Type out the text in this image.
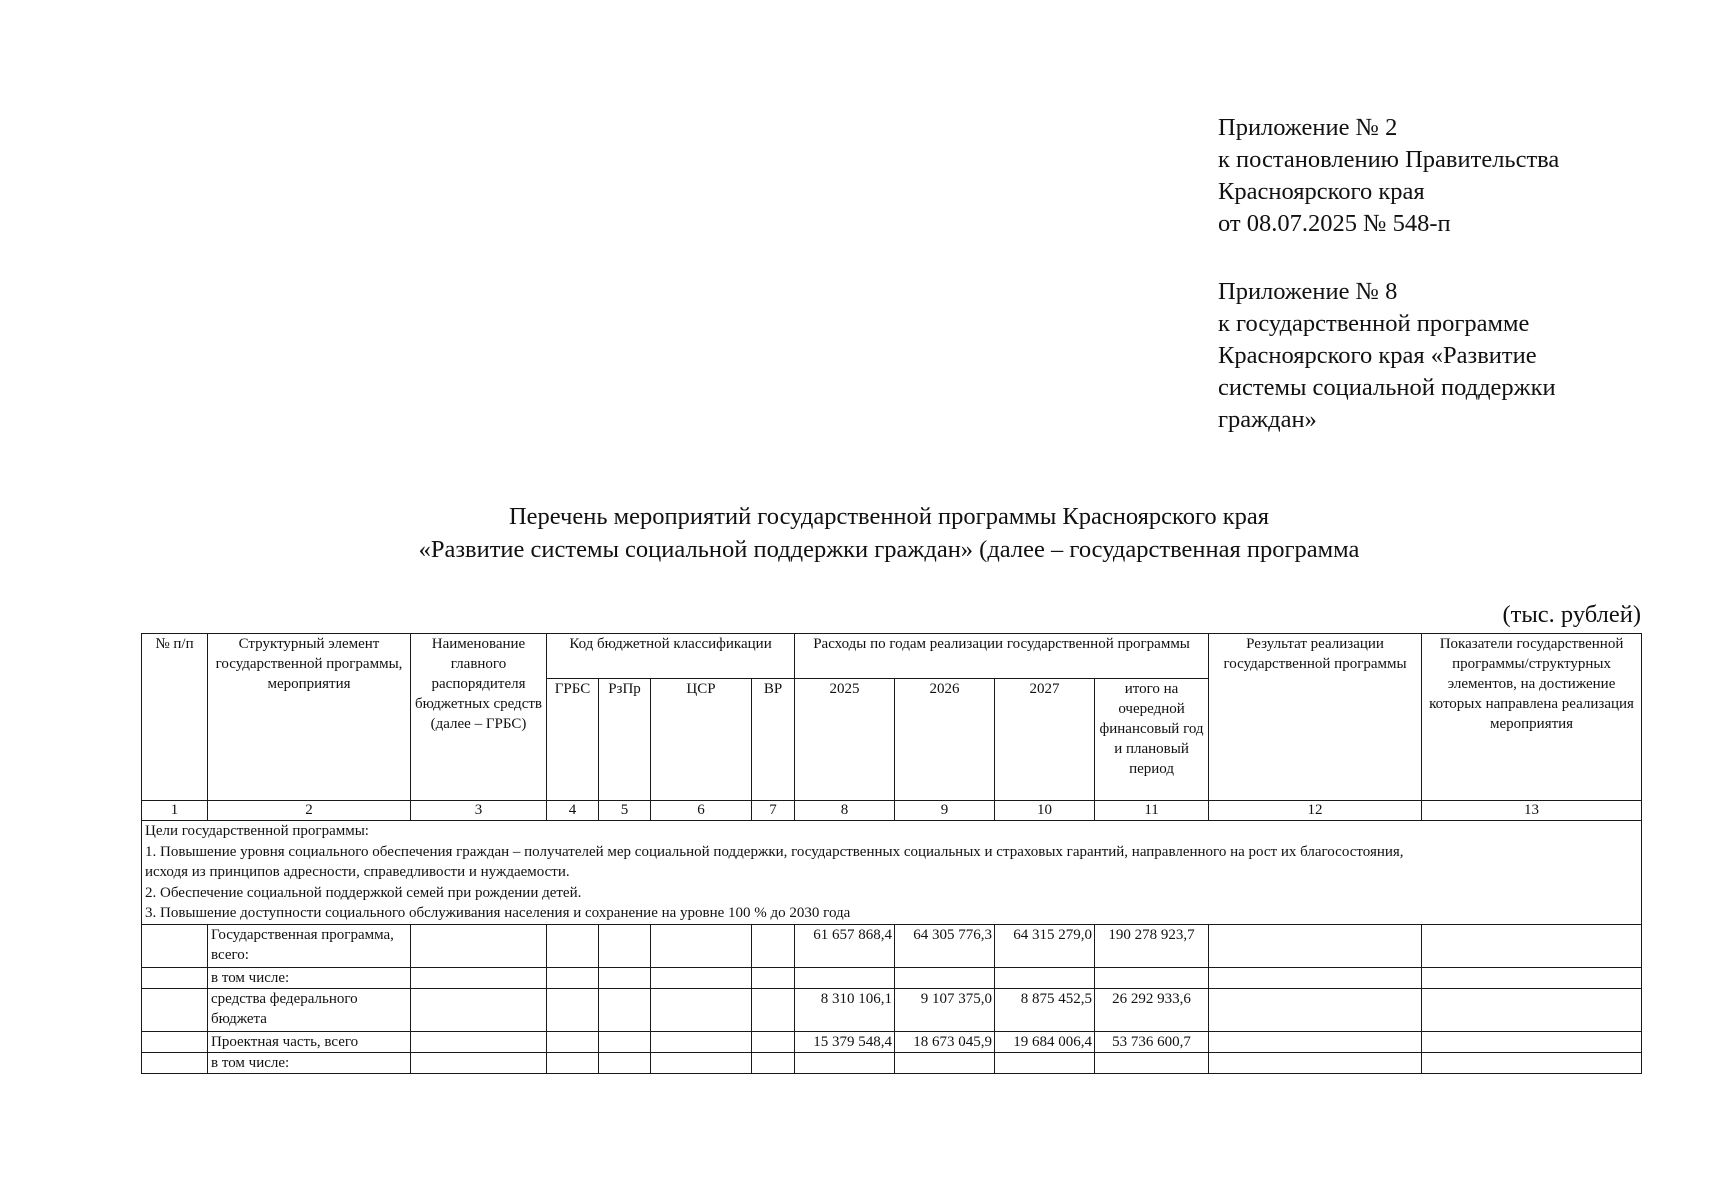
Приложение № 2
к постановлению Правительства
Красноярского края
от 08.07.2025 № 548-п
Приложение № 8
к государственной программе
Красноярского края «Развитие
системы социальной поддержки
граждан»
Перечень мероприятий государственной программы Красноярского края
«Развитие системы социальной поддержки граждан» (далее – государственная программа
(тыс. рублей)
№ п/п	Структурный элемент государственной программы, мероприятия	Наименование главного распорядителя бюджетных средств (далее – ГРБС)	Код бюджетной классификации				Расходы по годам реализации государственной программы				Результат реализации государственной программы	Показатели государственной программы/структурных элементов, на достижение которых направлена реализация мероприятия
			ГРБС	РзПр	ЦСР	ВР	2025	2026	2027	итого на очередной финансовый год и плановый период		
1	2	3	4	5	6	7	8	9	10	11	12	13

Цели государственной программы:
1. Повышение уровня социального обеспечения граждан – получателей мер социальной поддержки, государственных социальных и страховых гарантий, направленного на рост их благосостояния,
исходя из принципов адресности, справедливости и нуждаемости.
2. Обеспечение социальной поддержкой семей при рождении детей.
3. Повышение доступности социального обслуживания населения и сохранение на уровне 100 % до 2030 года												

	Государственная программа, всего:						61 657 868,4	64 305 776,3	64 315 279,0	190 278 923,7		
	в том числе:											
	средства федерального бюджета						8 310 106,1	9 107 375,0	8 875 452,5	26 292 933,6		
	Проектная часть, всего						15 379 548,4	18 673 045,9	19 684 006,4	53 736 600,7		
	в том числе:											
